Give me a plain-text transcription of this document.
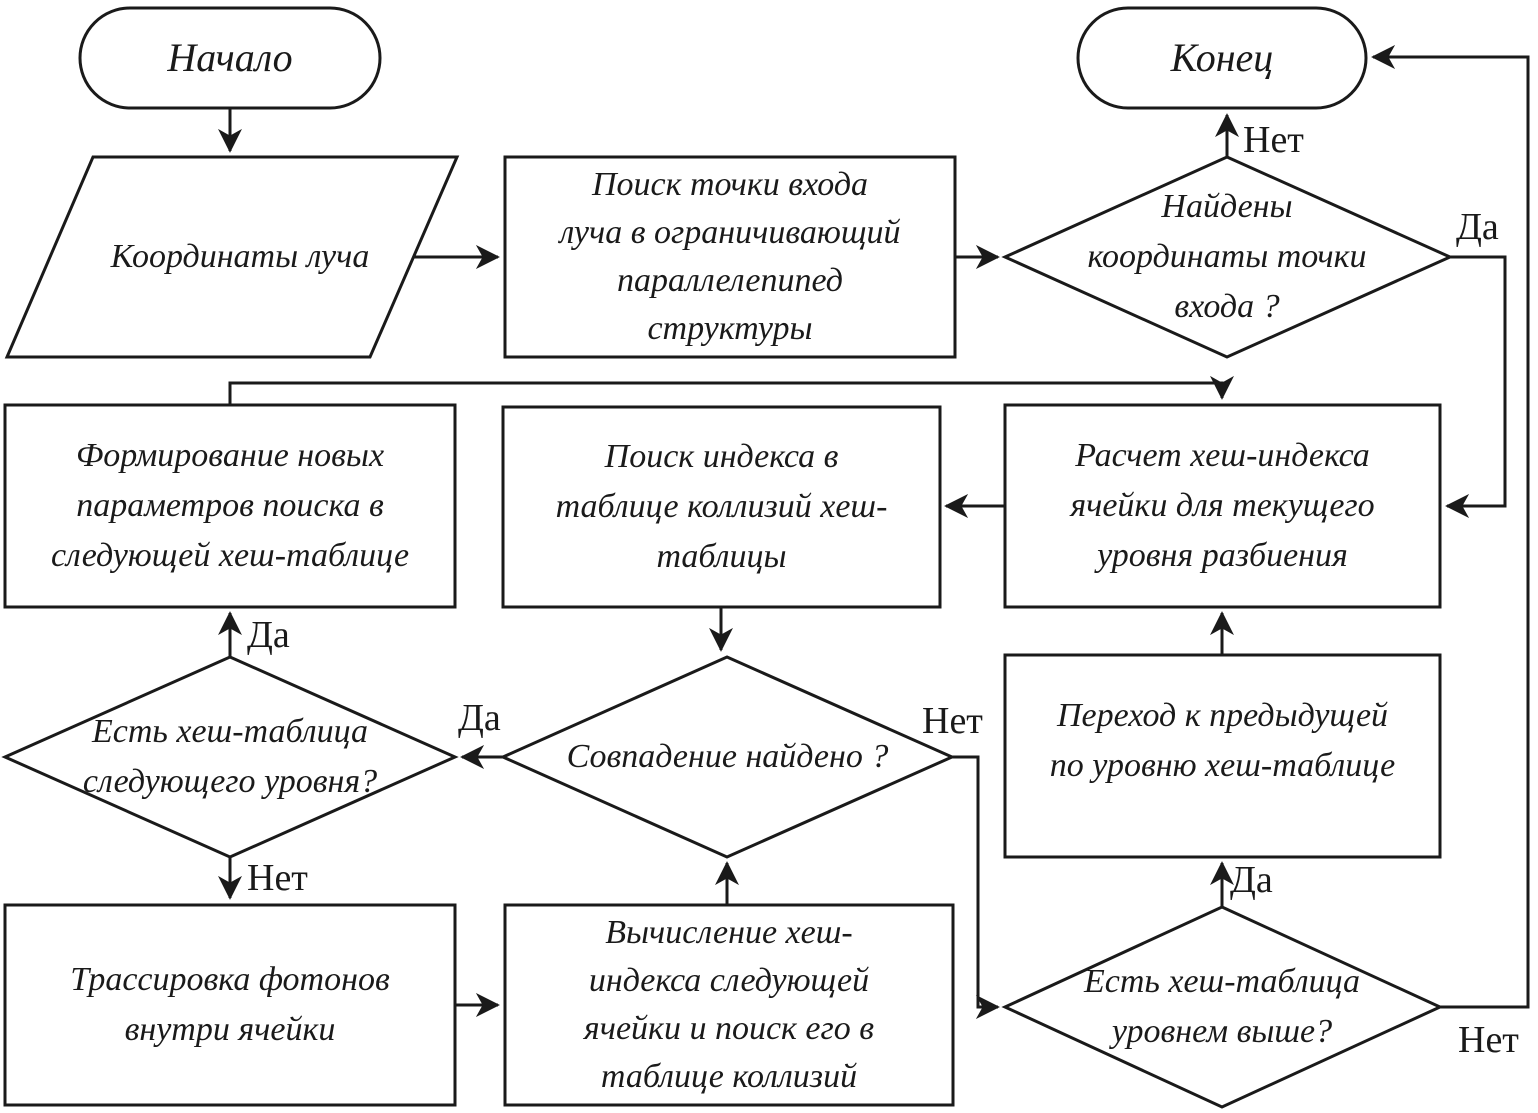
Начало	Конец
Координаты луча
Поиск точки входа
луча в ограничивающий
параллелепипед
структуры
Найдены
координаты точки
входа ?
Формирование новых
параметров поиска в
следующей хеш-таблице
Поиск индекса в
таблице коллизий хеш-
таблицы
Расчет хеш-индекса
ячейки для текущего
уровня разбиения
Есть хеш-таблица
следующего уровня?
Совпадение найдено ?
Переход к предыдущей
по уровню хеш-таблице
Трассировка фотонов
внутри ячейки
Вычисление хеш-
индекса следующей
ячейки и поиск его в
таблице коллизий
Есть хеш-таблица
уровнем выше?
Нет
Да
Да
Нет
Да	Нет
Да
Нет
